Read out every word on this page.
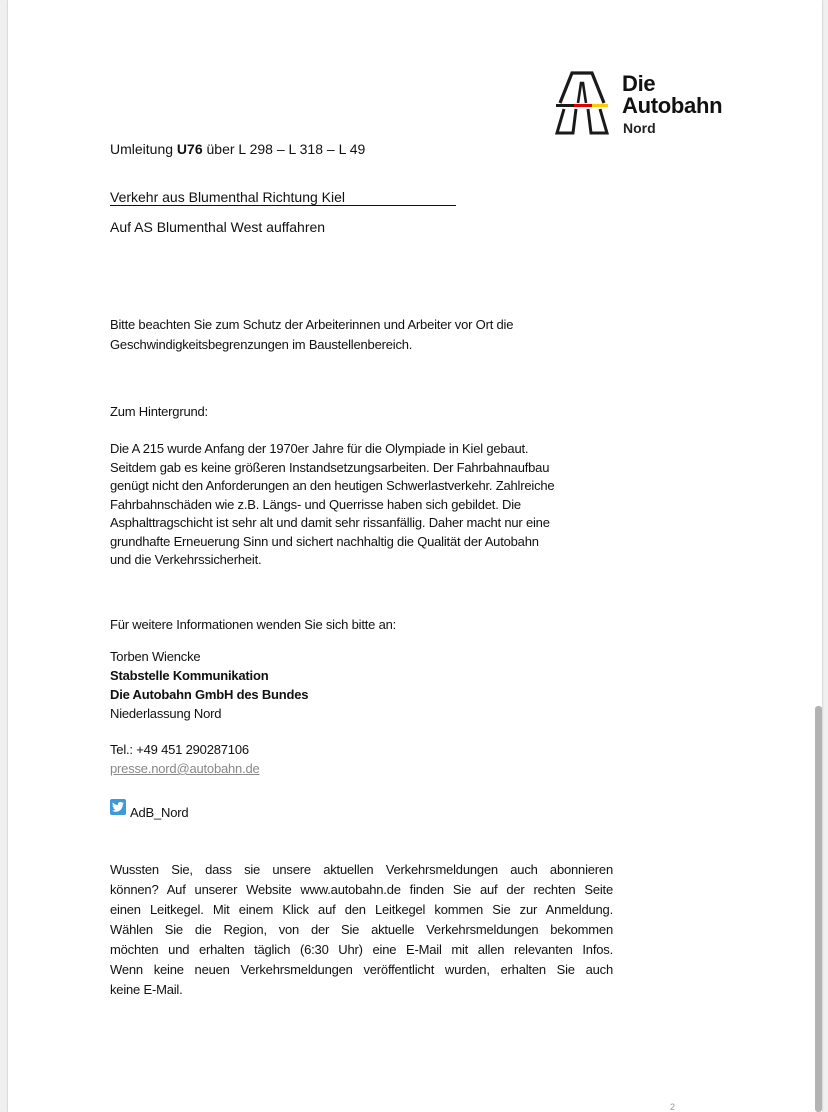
Die
Autobahn
Nord
Umleitung U76 über L 298 – L 318 – L 49
Verkehr aus Blumenthal Richtung Kiel
Auf AS Blumenthal West auffahren
Bitte beachten Sie zum Schutz der Arbeiterinnen und Arbeiter vor Ort die
Geschwindigkeitsbegrenzungen im Baustellenbereich.
Zum Hintergrund:
Die A 215 wurde Anfang der 1970er Jahre für die Olympiade in Kiel gebaut.
Seitdem gab es keine größeren Instandsetzungsarbeiten. Der Fahrbahnaufbau
genügt nicht den Anforderungen an den heutigen Schwerlastverkehr. Zahlreiche
Fahrbahnschäden wie z.B. Längs- und Querrisse haben sich gebildet. Die
Asphalttragschicht ist sehr alt und damit sehr rissanfällig. Daher macht nur eine
grundhafte Erneuerung Sinn und sichert nachhaltig die Qualität der Autobahn
und die Verkehrssicherheit.
Für weitere Informationen wenden Sie sich bitte an:
Torben Wiencke
Stabstelle Kommunikation
Die Autobahn GmbH des Bundes
Niederlassung Nord
Tel.: +49 451 290287106
presse.nord@autobahn.de
AdB_Nord
Wussten Sie, dass sie unsere aktuellen Verkehrsmeldungen auch abonnieren
können? Auf unserer Website www.autobahn.de finden Sie auf der rechten Seite
einen Leitkegel. Mit einem Klick auf den Leitkegel kommen Sie zur Anmeldung.
Wählen Sie die Region, von der Sie aktuelle Verkehrsmeldungen bekommen
möchten und erhalten täglich (6:30 Uhr) eine E-Mail mit allen relevanten Infos.
Wenn keine neuen Verkehrsmeldungen veröffentlicht wurden, erhalten Sie auch
keine E-Mail.
2
